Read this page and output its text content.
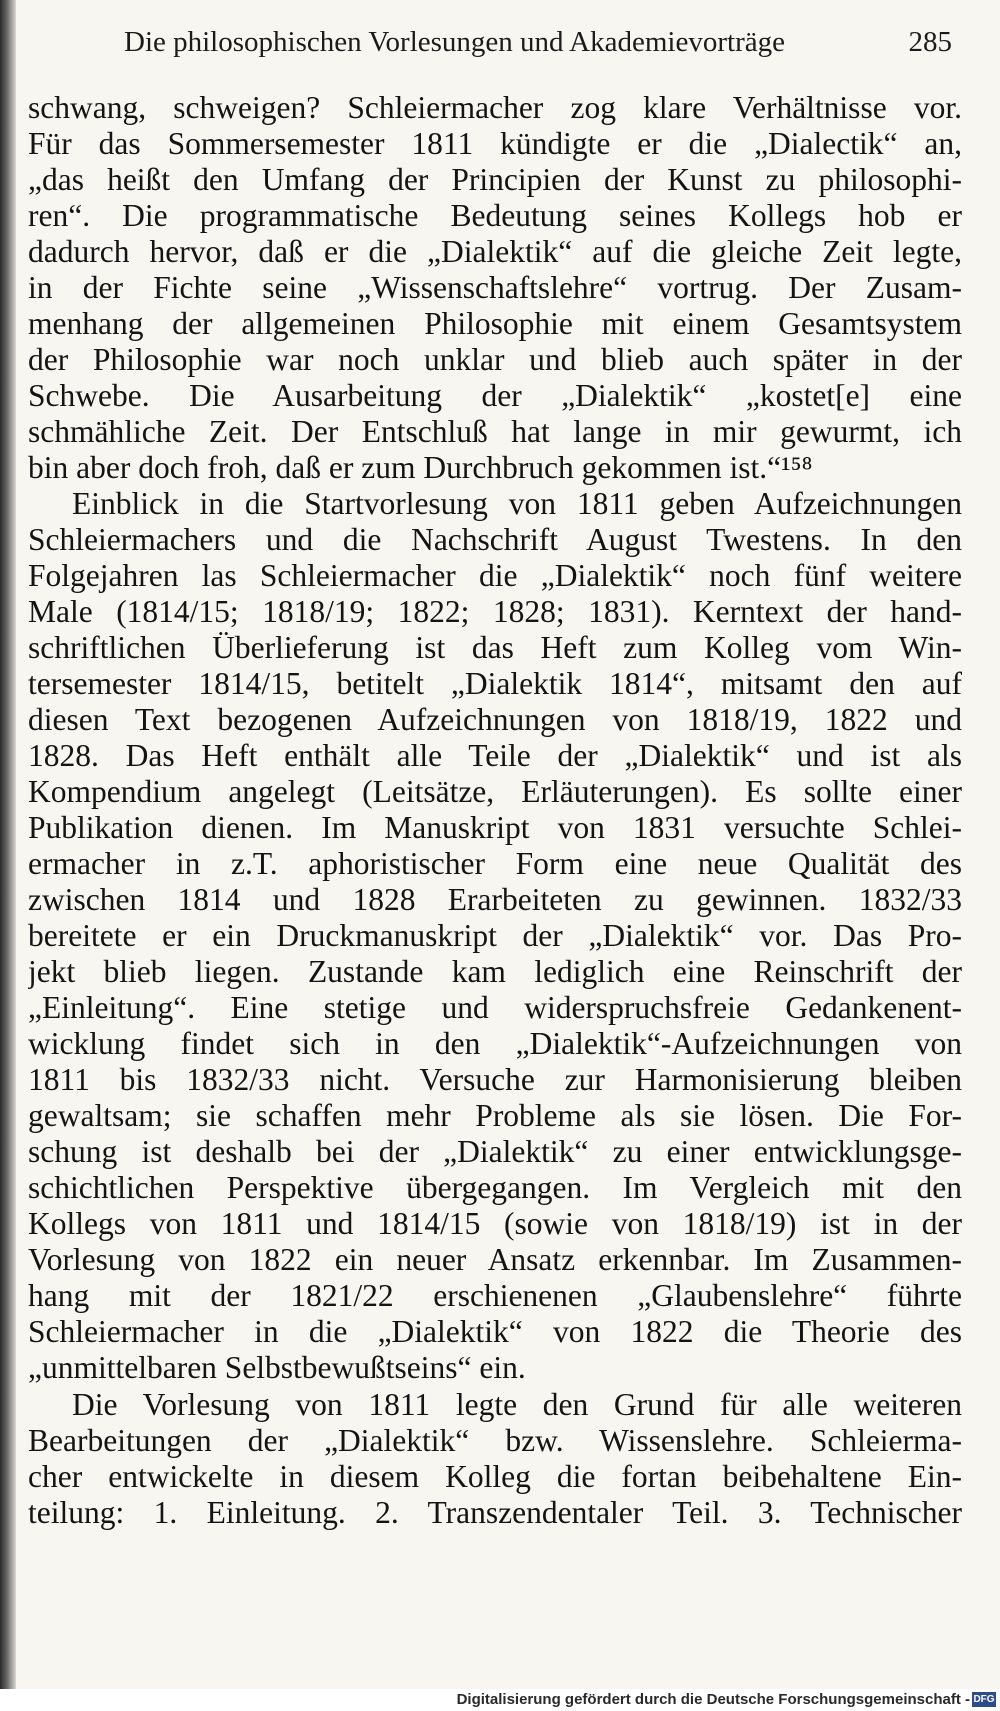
Die philosophischen Vorlesungen und Akademievorträge	285
schwang, schweigen? Schleiermacher zog klare Verhältnisse vor.
Für das Sommersemester 1811 kündigte er die „Dialectik“ an,
„das heißt den Umfang der Principien der Kunst zu philosophi-
ren“. Die programmatische Bedeutung seines Kollegs hob er
dadurch hervor, daß er die „Dialektik“ auf die gleiche Zeit legte,
in der Fichte seine „Wissenschaftslehre“ vortrug. Der Zusam-
menhang der allgemeinen Philosophie mit einem Gesamtsystem
der Philosophie war noch unklar und blieb auch später in der
Schwebe. Die Ausarbeitung der „Dialektik“ „kostet[e] eine
schmähliche Zeit. Der Entschluß hat lange in mir gewurmt, ich
bin aber doch froh, daß er zum Durchbruch gekommen ist.“¹⁵⁸
Einblick in die Startvorlesung von 1811 geben Aufzeichnungen
Schleiermachers und die Nachschrift August Twestens. In den
Folgejahren las Schleiermacher die „Dialektik“ noch fünf weitere
Male (1814/15; 1818/19; 1822; 1828; 1831). Kerntext der hand-
schriftlichen Überlieferung ist das Heft zum Kolleg vom Win-
tersemester 1814/15, betitelt „Dialektik 1814“, mitsamt den auf
diesen Text bezogenen Aufzeichnungen von 1818/19, 1822 und
1828. Das Heft enthält alle Teile der „Dialektik“ und ist als
Kompendium angelegt (Leitsätze, Erläuterungen). Es sollte einer
Publikation dienen. Im Manuskript von 1831 versuchte Schlei-
ermacher in z.T. aphoristischer Form eine neue Qualität des
zwischen 1814 und 1828 Erarbeiteten zu gewinnen. 1832/33
bereitete er ein Druckmanuskript der „Dialektik“ vor. Das Pro-
jekt blieb liegen. Zustande kam lediglich eine Reinschrift der
„Einleitung“. Eine stetige und widerspruchsfreie Gedankenent-
wicklung findet sich in den „Dialektik“-Aufzeichnungen von
1811 bis 1832/33 nicht. Versuche zur Harmonisierung bleiben
gewaltsam; sie schaffen mehr Probleme als sie lösen. Die For-
schung ist deshalb bei der „Dialektik“ zu einer entwicklungsge-
schichtlichen Perspektive übergegangen. Im Vergleich mit den
Kollegs von 1811 und 1814/15 (sowie von 1818/19) ist in der
Vorlesung von 1822 ein neuer Ansatz erkennbar. Im Zusammen-
hang mit der 1821/22 erschienenen „Glaubenslehre“ führte
Schleiermacher in die „Dialektik“ von 1822 die Theorie des
„unmittelbaren Selbstbewußtseins“ ein.
Die Vorlesung von 1811 legte den Grund für alle weiteren
Bearbeitungen der „Dialektik“ bzw. Wissenslehre. Schleierma-
cher entwickelte in diesem Kolleg die fortan beibehaltene Ein-
teilung: 1. Einleitung. 2. Transzendentaler Teil. 3. Technischer
Digitalisierung gefördert durch die Deutsche Forschungsgemeinschaft - DFG
